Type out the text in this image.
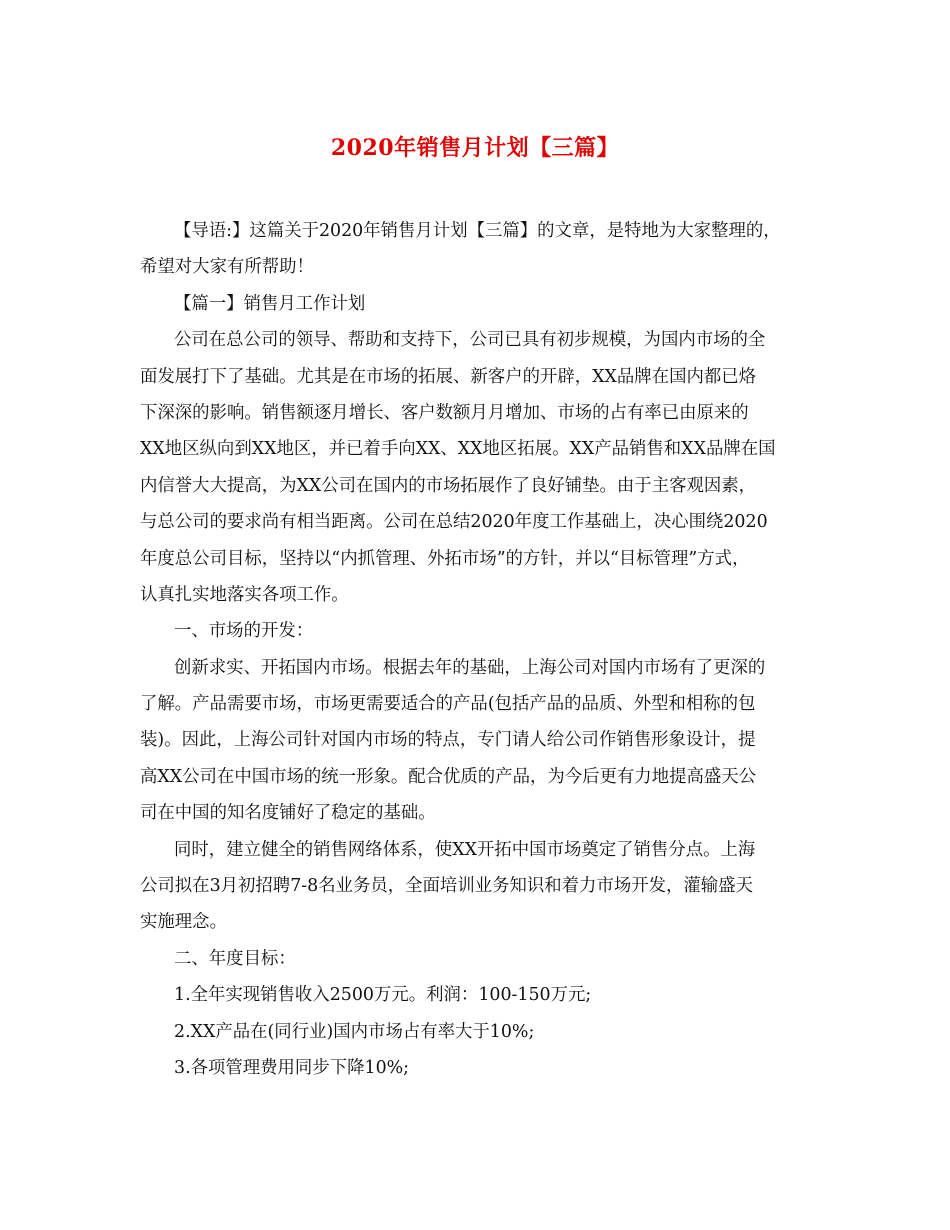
2020年销售月计划【三篇】
【导语:】这篇关于2020年销售月计划【三篇】的文章，是特地为大家整理的，
希望对大家有所帮助！
【篇一】销售月工作计划
公司在总公司的领导、帮助和支持下，公司已具有初步规模，为国内市场的全
面发展打下了基础。尤其是在市场的拓展、新客户的开辟，XX品牌在国内都已烙
下深深的影响。销售额逐月增长、客户数额月月增加、市场的占有率已由原来的
XX地区纵向到XX地区，并已着手向XX、XX地区拓展。XX产品销售和XX品牌在国
内信誉大大提高，为XX公司在国内的市场拓展作了良好铺垫。由于主客观因素，
与总公司的要求尚有相当距离。公司在总结2020年度工作基础上，决心围绕2020
年度总公司目标，坚持以“内抓管理、外拓市场”的方针，并以“目标管理”方式，
认真扎实地落实各项工作。
一、市场的开发：
创新求实、开拓国内市场。根据去年的基础，上海公司对国内市场有了更深的
了解。产品需要市场，市场更需要适合的产品(包括产品的品质、外型和相称的包
装)。因此，上海公司针对国内市场的特点，专门请人给公司作销售形象设计，提
高XX公司在中国市场的统一形象。配合优质的产品，为今后更有力地提高盛天公
司在中国的知名度铺好了稳定的基础。
同时，建立健全的销售网络体系，使XX开拓中国市场奠定了销售分点。上海
公司拟在3月初招聘7-8名业务员，全面培训业务知识和着力市场开发，灌输盛天
实施理念。
二、年度目标：
1.全年实现销售收入2500万元。利润：100-150万元;
2.XX产品在(同行业)国内市场占有率大于10%;
3.各项管理费用同步下降10%;
